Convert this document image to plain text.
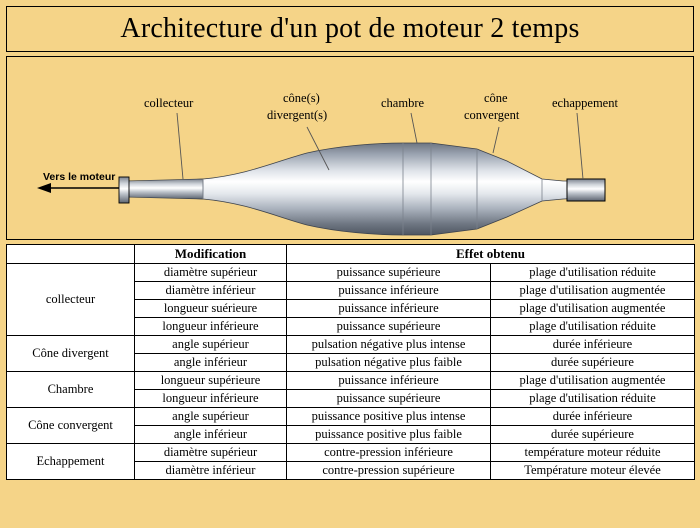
Architecture d'un pot de moteur 2 temps
Vers le moteur
collecteur	cône(s)
divergent(s)
chambre	cône
convergent
echappement
	Modification	Effet obtenu	
collecteur	diamètre supérieur	puissance supérieure	plage d'utilisation réduite
	diamètre inférieur	puissance inférieure	plage d'utilisation augmentée
	longueur suérieure	puissance inférieure	plage d'utilisation augmentée
	longueur inférieure	puissance supérieure	plage d'utilisation réduite
Cône divergent	angle supérieur	pulsation négative plus intense	durée inférieure
	angle inférieur	pulsation négative plus faible	durée supérieure
Chambre	longueur supérieure	puissance inférieure	plage d'utilisation augmentée
	longueur inférieure	puissance supérieure	plage d'utilisation réduite
Cône convergent	angle supérieur	puissance positive plus intense	durée inférieure
	angle inférieur	puissance positive plus faible	durée supérieure
Echappement	diamètre supérieur	contre-pression inférieure	température moteur réduite
	diamètre inférieur	contre-pression supérieure	Température moteur élevée
